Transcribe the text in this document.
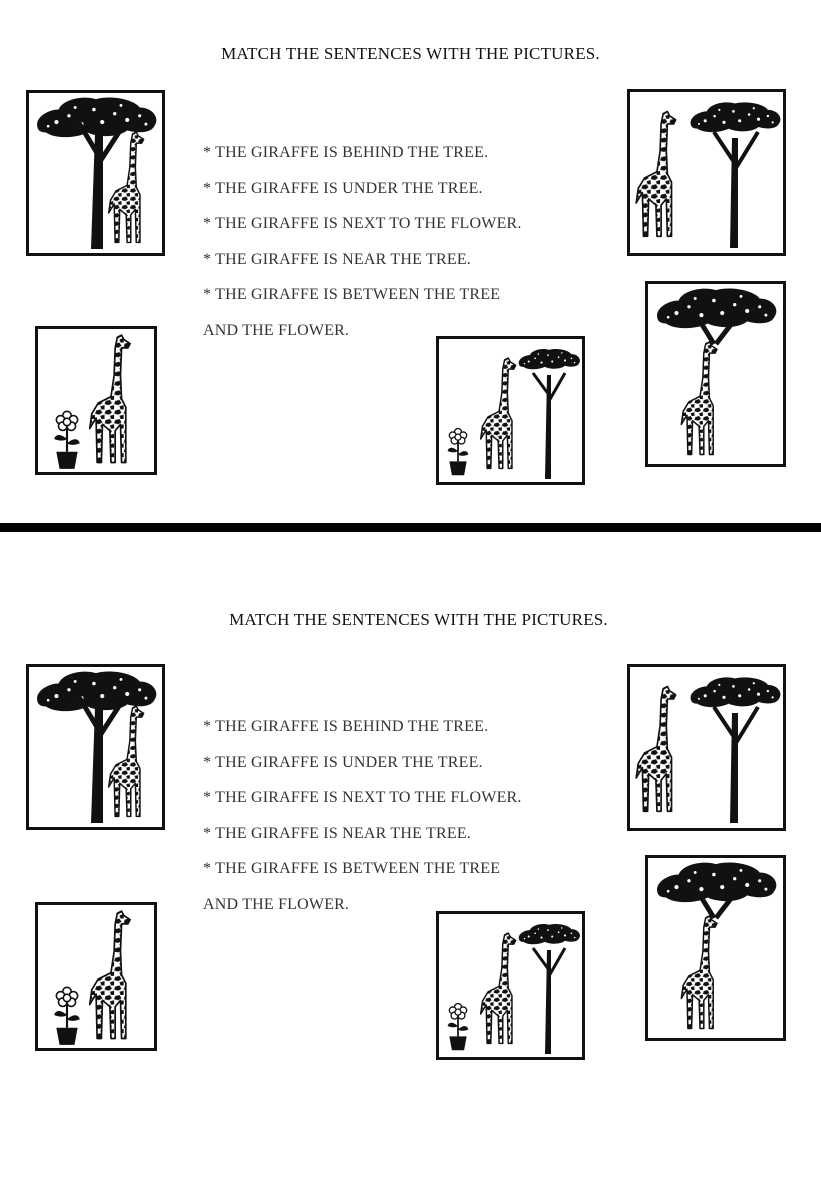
MATCH THE SENTENCES WITH THE PICTURES.
* THE GIRAFFE IS BEHIND THE TREE.
* THE GIRAFFE IS UNDER THE TREE.
* THE GIRAFFE IS NEXT TO THE FLOWER.
* THE GIRAFFE IS NEAR THE TREE.
* THE GIRAFFE IS BETWEEN THE TREE
AND THE FLOWER.
MATCH THE SENTENCES WITH THE PICTURES.
* THE GIRAFFE IS BEHIND THE TREE.
* THE GIRAFFE IS UNDER THE TREE.
* THE GIRAFFE IS NEXT TO THE FLOWER.
* THE GIRAFFE IS NEAR THE TREE.
* THE GIRAFFE IS BETWEEN THE TREE
AND THE FLOWER.
